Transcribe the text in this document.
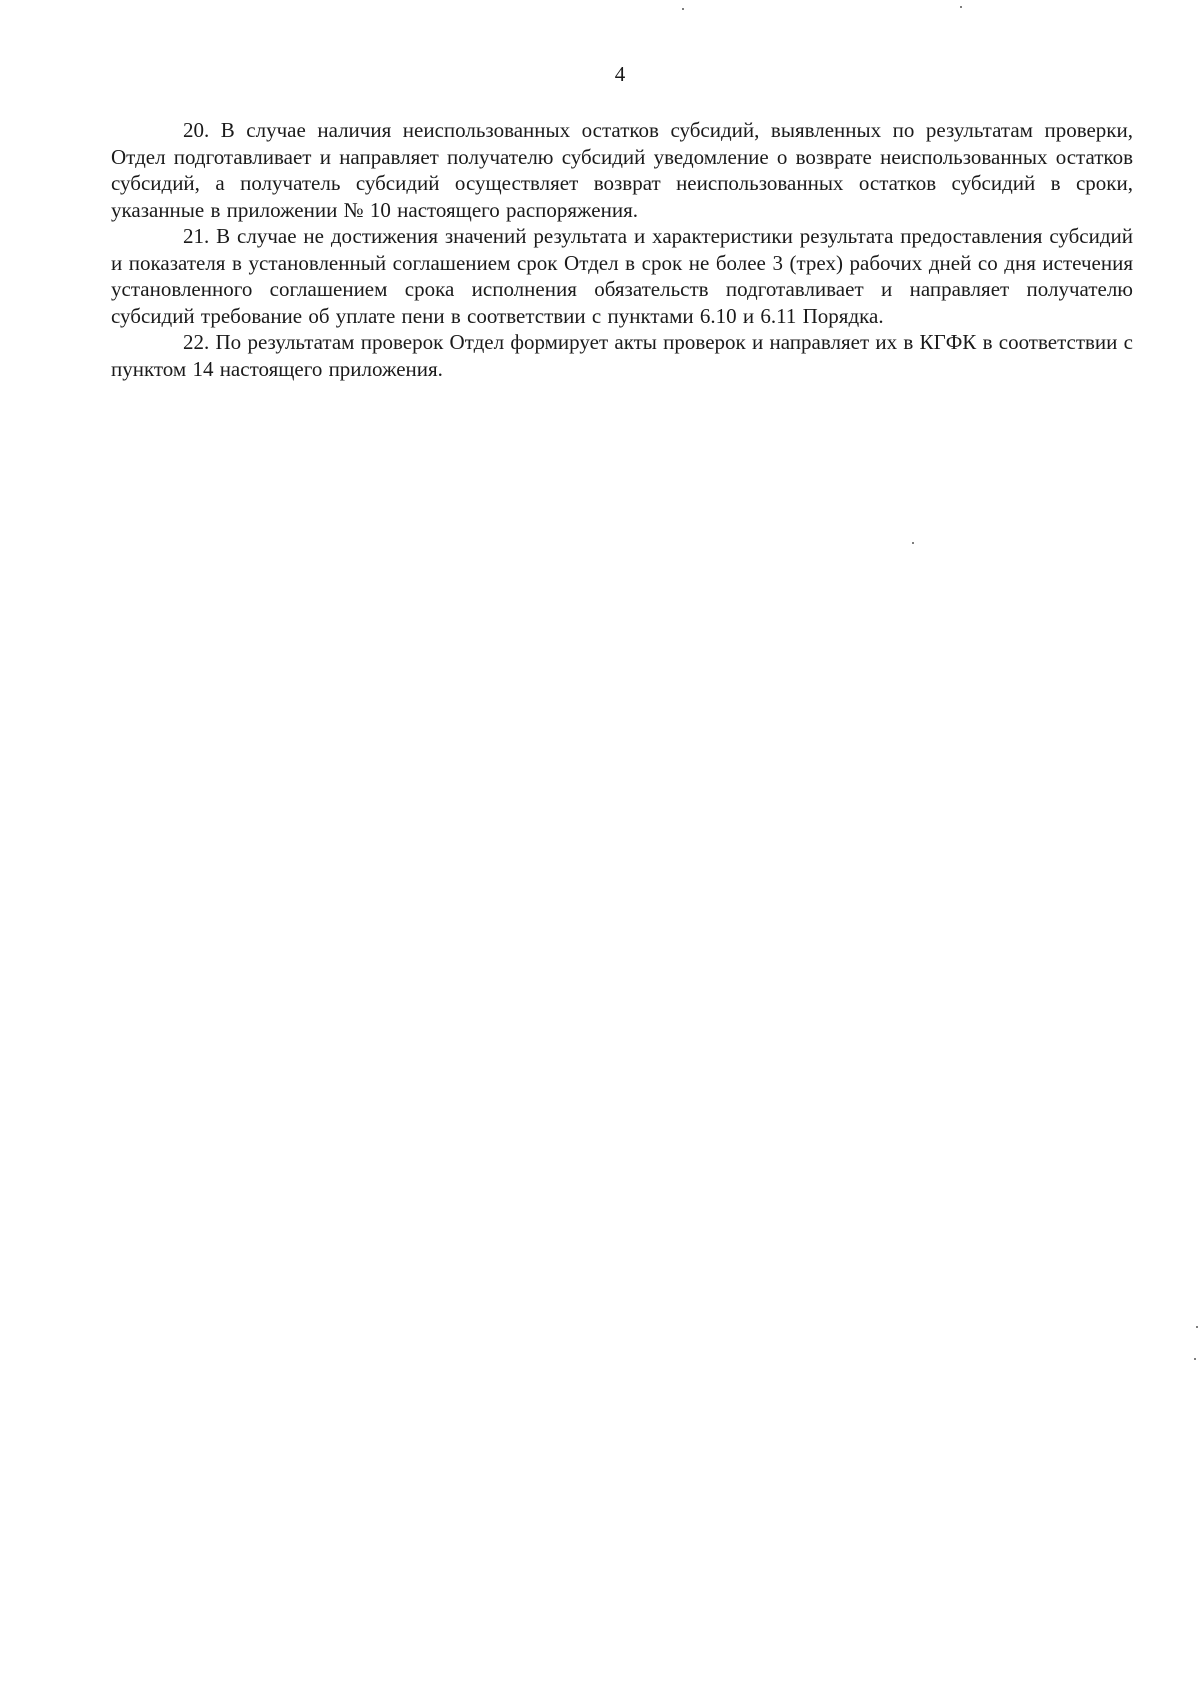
4

20. В случае наличия неиспользованных остатков субсидий, выявленных по результатам проверки, Отдел подготавливает и направляет получателю субсидий уведомление о возврате неиспользованных остатков субсидий, а получатель субсидий осуществляет возврат неиспользованных остатков субсидий в сроки, указанные в приложении № 10 настоящего распоряжения.

21. В случае не достижения значений результата и характеристики результата предоставления субсидий и показателя в установленный соглашением срок Отдел в срок не более 3 (трех) рабочих дней со дня истечения установленного соглашением срока исполнения обязательств подготавливает и направляет получателю субсидий требование об уплате пени в соответствии с пунктами 6.10 и 6.11 Порядка.

22. По результатам проверок Отдел формирует акты проверок и направляет их в КГФК в соответствии с пунктом 14 настоящего приложения.
